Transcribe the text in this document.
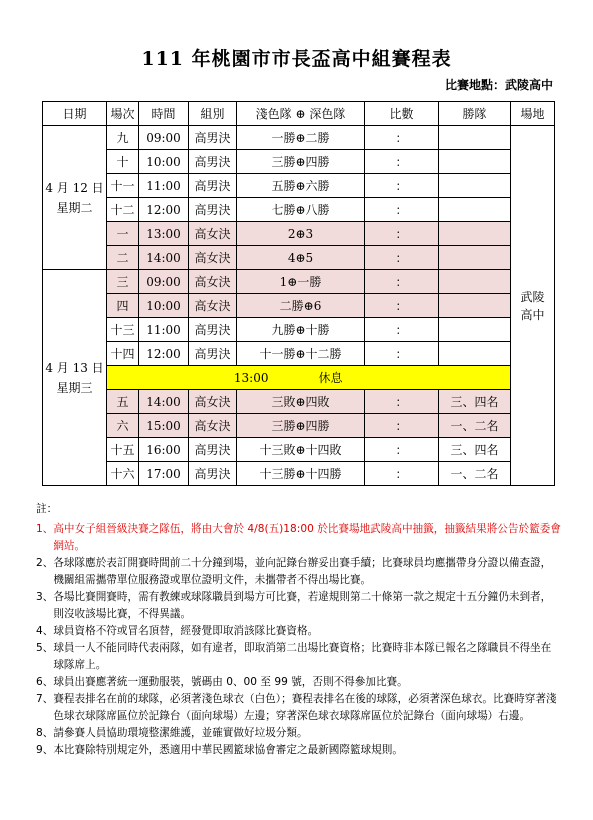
111 年桃園市市長盃高中組賽程表
比賽地點：武陵高中
日期	場次	時間	組別	淺色隊 ⊕ 深色隊	比數	勝隊	場地

4 月 12 日
星期二	九	09:00	高男決	一勝⊕二勝	：		武陵高中

	十	10:00	高男決	三勝⊕四勝	：		
	十一	11:00	高男決	五勝⊕六勝	：		
	十二	12:00	高男決	七勝⊕八勝	：		
	一	13:00	高女決	2⊕3	：		
	二	14:00	高女決	4⊕5	：		

4 月 13 日
星期三	三	09:00	高女決	1⊕一勝	：		
	四	10:00	高女決	二勝⊕6	：		
	十三	11:00	高男決	九勝⊕十勝	：		
	十四	12:00	高男決	十一勝⊕十二勝	：		
	13:00 休息						
	五	14:00	高女決	三敗⊕四敗	：	三、四名	
	六	15:00	高女決	三勝⊕四勝	：	一、二名	
	十五	16:00	高男決	十三敗⊕十四敗	：	三、四名	
	十六	17:00	高男決	十三勝⊕十四勝	：	一、二名	
註：
1、 高中女子組晉級決賽之隊伍，將由大會於 4/8(五)18:00 於比賽場地武陵高中抽籤，抽籤結果將公告於籃委會網站。
2、 各球隊應於表訂開賽時間前二十分鐘到場，並向記錄台辦妥出賽手續；比賽球員均應攜帶身分證以備查證，機關組需攜帶單位服務證或單位證明文件，未攜帶者不得出場比賽。
3、 各場比賽開賽時，需有教練或球隊職員到場方可比賽，若違規則第二十條第一款之規定十五分鐘仍未到者，則沒收該場比賽，不得異議。
4、 球員資格不符或冒名頂替，經發覺即取消該隊比賽資格。
5、 球員一人不能同時代表兩隊，如有違者，即取消第二出場比賽資格；比賽時非本隊已報名之隊職員不得坐在球隊席上。
6、 球員出賽應著統一運動服裝，號碼由 0、00 至 99 號，否則不得參加比賽。
7、 賽程表排名在前的球隊，必須著淺色球衣（白色）；賽程表排名在後的球隊，必須著深色球衣。比賽時穿著淺色球衣球隊席區位於記錄台（面向球場）左邊；穿著深色球衣球隊席區位於記錄台（面向球場）右邊。
8、 請參賽人員協助環境整潔維護，並確實做好垃圾分類。
9、 本比賽除特別規定外，悉適用中華民國籃球協會審定之最新國際籃球規則。
